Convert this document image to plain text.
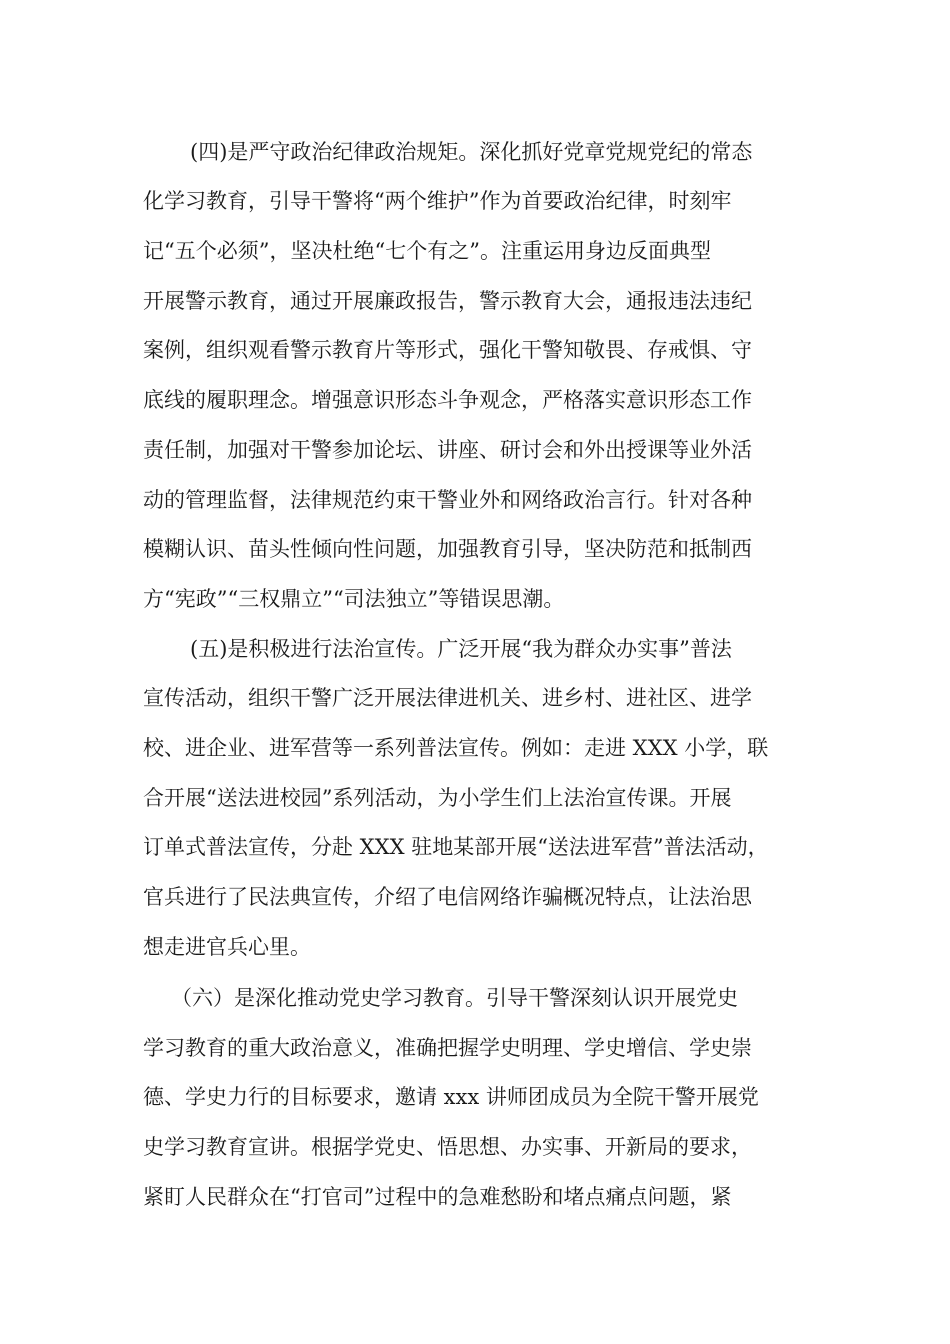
(四)是严守政治纪律政治规矩。深化抓好党章党规党纪的常态
化学习教育，引导干警将“两个维护”作为首要政治纪律，时刻牢
记“五个必须”，坚决杜绝“七个有之”。注重运用身边反面典型
开展警示教育，通过开展廉政报告，警示教育大会，通报违法违纪
案例，组织观看警示教育片等形式，强化干警知敬畏、存戒惧、守
底线的履职理念。增强意识形态斗争观念，严格落实意识形态工作
责任制，加强对干警参加论坛、讲座、研讨会和外出授课等业外活
动的管理监督，法律规范约束干警业外和网络政治言行。针对各种
模糊认识、苗头性倾向性问题，加强教育引导，坚决防范和抵制西
方“宪政”“三权鼎立”“司法独立”等错误思潮。
(五)是积极进行法治宣传。广泛开展“我为群众办实事”普法
宣传活动，组织干警广泛开展法律进机关、进乡村、进社区、进学
校、进企业、进军营等一系列普法宣传。例如：走进 XXX 小学，联
合开展“送法进校园”系列活动，为小学生们上法治宣传课。开展
订单式普法宣传，分赴 XXX 驻地某部开展“送法进军营”普法活动，
官兵进行了民法典宣传，介绍了电信网络诈骗概况特点，让法治思
想走进官兵心里。
（六）是深化推动党史学习教育。引导干警深刻认识开展党史
学习教育的重大政治意义，准确把握学史明理、学史增信、学史崇
德、学史力行的目标要求，邀请 xxx 讲师团成员为全院干警开展党
史学习教育宣讲。根据学党史、悟思想、办实事、开新局的要求，
紧盯人民群众在“打官司”过程中的急难愁盼和堵点痛点问题，紧
